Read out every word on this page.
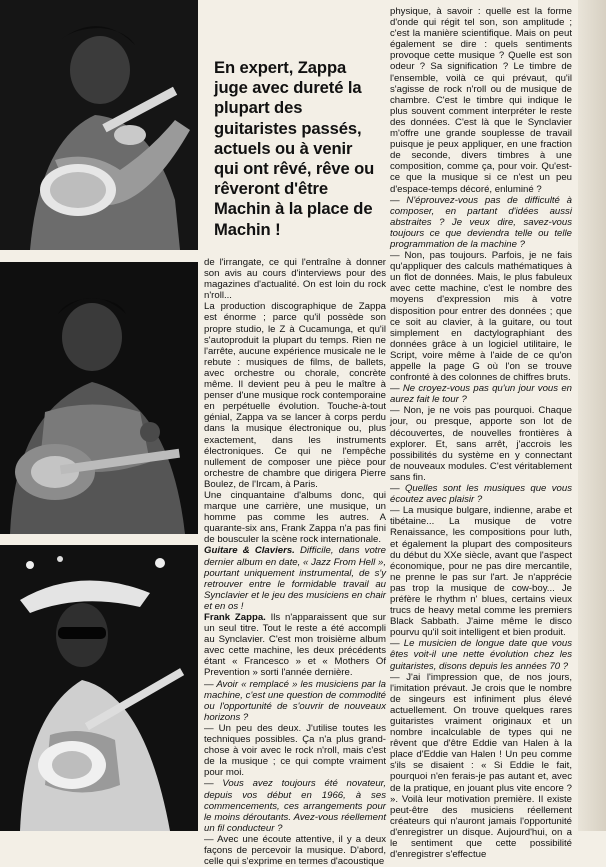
En expert, Zappa juge avec dureté la plupart des guitaristes passés, actuels ou à venir qui ont rêvé, rêve ou rêveront d'être Machin à la place de Machin !

de l'irrangate, ce qui l'entraîne à donner son avis au cours d'interviews pour des magazines d'actualité. On est loin du rock n'roll...

La production discographique de Zappa est énorme ; parce qu'il possède son propre studio, le Z à Cucamunga, et qu'il s'autoproduit la plupart du temps. Rien ne l'arrête, aucune expérience musicale ne le rebute : musiques de films, de ballets, avec orchestre ou chorale, concrète même. Il devient peu à peu le maître à penser d'une musique rock contemporaine en perpétuelle évolution. Touche-à-tout génial, Zappa va se lancer à corps perdu dans la musique électronique ou, plus exactement, dans les instruments électroniques. Ce qui ne l'empêche nullement de composer une pièce pour orchestre de chambre que dirigera Pierre Boulez, de l'Ircam, à Paris.

Une cinquantaine d'albums donc, qui marque une carrière, une musique, un homme pas comme les autres. A quarante-six ans, Frank Zappa n'a pas fini de bousculer la scène rock internationale.

Guitare & Claviers. Difficile, dans votre dernier album en date, « Jazz From Hell », pourtant uniquement instrumental, de s'y retrouver entre le formidable travail au Synclavier et le jeu des musiciens en chair et en os !

Frank Zappa. Ils n'apparaissent que sur un seul titre. Tout le reste a été accompli au Synclavier. C'est mon troisième album avec cette machine, les deux précédents étant « Francesco » et « Mothers Of Prevention » sorti l'année dernière.

— Avoir « remplacé » les musiciens par la machine, c'est une question de commodité ou l'opportunité de s'ouvrir de nouveaux horizons ?

— Un peu des deux. J'utilise toutes les techniques possibles. Ça n'a plus grand-chose à voir avec le rock n'roll, mais c'est de la musique ; ce qui compte vraiment pour moi.

— Vous avez toujours été novateur, depuis vos début en 1966, à ses commencements, ces arrangements pour le moins déroutants. Avez-vous réellement un fil conducteur ?

— Avec une écoute attentive, il y a deux façons de percevoir la musique. D'abord, celle qui s'exprime en termes d'acoustique

physique, à savoir : quelle est la forme d'onde qui régit tel son, son amplitude ; c'est la manière scientifique. Mais on peut également se dire : quels sentiments provoque cette musique ? Quelle est son odeur ? Sa signification ? Le timbre de l'ensemble, voilà ce qui prévaut, qu'il s'agisse de rock n'roll ou de musique de chambre. C'est le timbre qui indique le plus souvent comment interpréter le reste des données. C'est là que le Synclavier m'offre une grande souplesse de travail puisque je peux appliquer, en une fraction de seconde, divers timbres à une composition, comme ça, pour voir. Qu'est-ce que la musique si ce n'est un peu d'espace-temps décoré, enluminé ?

— N'éprouvez-vous pas de difficulté à composer, en partant d'idées aussi abstraites ? Je veux dire, savez-vous toujours ce que deviendra telle ou telle programmation de la machine ?

— Non, pas toujours. Parfois, je ne fais qu'appliquer des calculs mathématiques à un flot de données. Mais, le plus fabuleux avec cette machine, c'est le nombre des moyens d'expression mis à votre disposition pour entrer des données ; que ce soit au clavier, à la guitare, ou tout simplement en dactylographiant des données grâce à un logiciel utilitaire, le Script, voire même à l'aide de ce qu'on appelle la page G où l'on se trouve confronté à des colonnes de chiffres bruts.

— Ne croyez-vous pas qu'un jour vous en aurez fait le tour ?

— Non, je ne vois pas pourquoi. Chaque jour, ou presque, apporte son lot de découvertes, de nouvelles frontières à explorer. Et, sans arrêt, j'accrois les possibilités du système en y connectant de nouveaux modules. C'est véritablement sans fin.

— Quelles sont les musiques que vous écoutez avec plaisir ?

— La musique bulgare, indienne, arabe et tibétaine... La musique de votre Renaissance, les compositions pour luth, et également la plupart des compositeurs du début du XXe siècle, avant que l'aspect économique, pour ne pas dire mercantile, ne prenne le pas sur l'art. Je n'apprécie pas trop la musique de cow-boy... Je préfère le rhythm n' blues, certains vieux trucs de heavy metal comme les premiers Black Sabbath. J'aime même le disco pourvu qu'il soit intelligent et bien produit.

— Le musicien de longue date que vous êtes voit-il une nette évolution chez les guitaristes, disons depuis les années 70 ?

— J'ai l'impression que, de nos jours, l'imitation prévaut. Je crois que le nombre de singeurs est infiniment plus élevé actuellement. On trouve quelques rares guitaristes vraiment originaux et un nombre incalculable de types qui ne rêvent que d'être Eddie van Halen à la place d'Eddie van Halen ! Un peu comme s'ils se disaient : « Si Eddie le fait, pourquoi n'en ferais-je pas autant et, avec de la pratique, en jouant plus vite encore ? ». Voilà leur motivation première. Il existe peut-être des musiciens réellement créateurs qui n'auront jamais l'opportunité d'enregistrer un disque. Aujourd'hui, on a le sentiment que cette possibilité d'enregistrer s'effectue
